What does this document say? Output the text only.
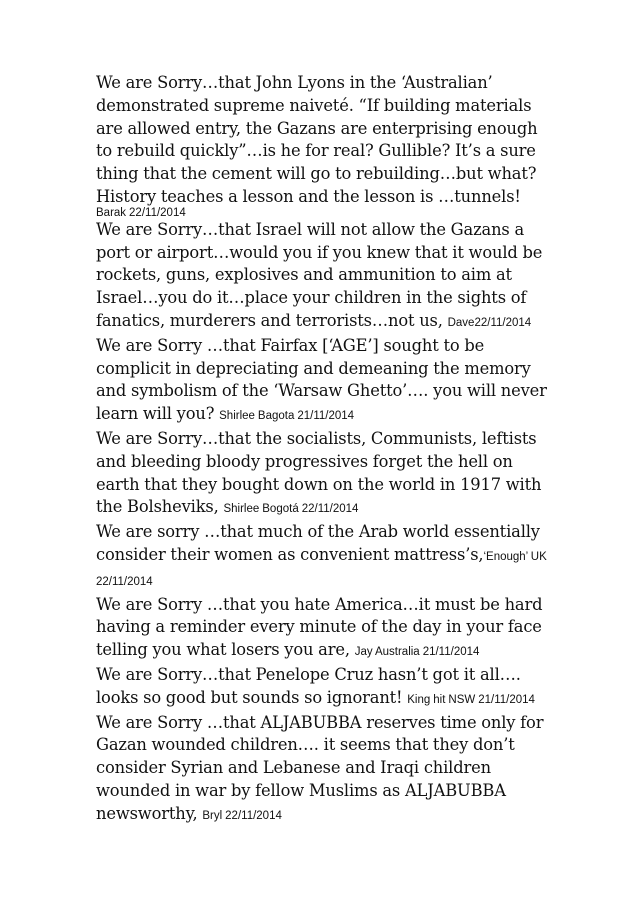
We are Sorry…that John Lyons in the ‘Australian’ demonstrated supreme naiveté. “If building materials are allowed entry, the Gazans are enterprising enough to rebuild quickly”…is he for real? Gullible? It’s a sure thing that the cement will go to rebuilding…but what? History teaches a lesson and the lesson is …tunnels!
Barak 22/11/2014

We are Sorry…that Israel will not allow the Gazans a port or airport…would you if you knew that it would be rockets, guns, explosives and ammunition to aim at Israel…you do it…place your children in the sights of fanatics, murderers and terrorists…not us, Dave22/11/2014

We are Sorry …that Fairfax [‘AGE’] sought to be complicit in depreciating and demeaning the memory and symbolism of the ‘Warsaw Ghetto’…. you will never learn will you? Shirlee Bagota 21/11/2014

We are Sorry…that the socialists, Communists, leftists and bleeding bloody progressives forget the hell on earth that they bought down on the world in 1917 with the Bolsheviks, Shirlee Bogotá 22/11/2014

We are sorry …that much of the Arab world essentially consider their women as convenient mattress’s,‘Enough’ UK 22/11/2014

We are Sorry …that you hate America…it must be hard having a reminder every minute of the day in your face telling you what losers you are, Jay Australia 21/11/2014

We are Sorry…that Penelope Cruz hasn’t got it all…. looks so good but sounds so ignorant! King hit NSW 21/11/2014

We are Sorry …that ALJABUBBA reserves time only for Gazan wounded children…. it seems that they don’t consider Syrian and Lebanese and Iraqi children wounded in war by fellow Muslims as ALJABUBBA newsworthy, Bryl 22/11/2014
